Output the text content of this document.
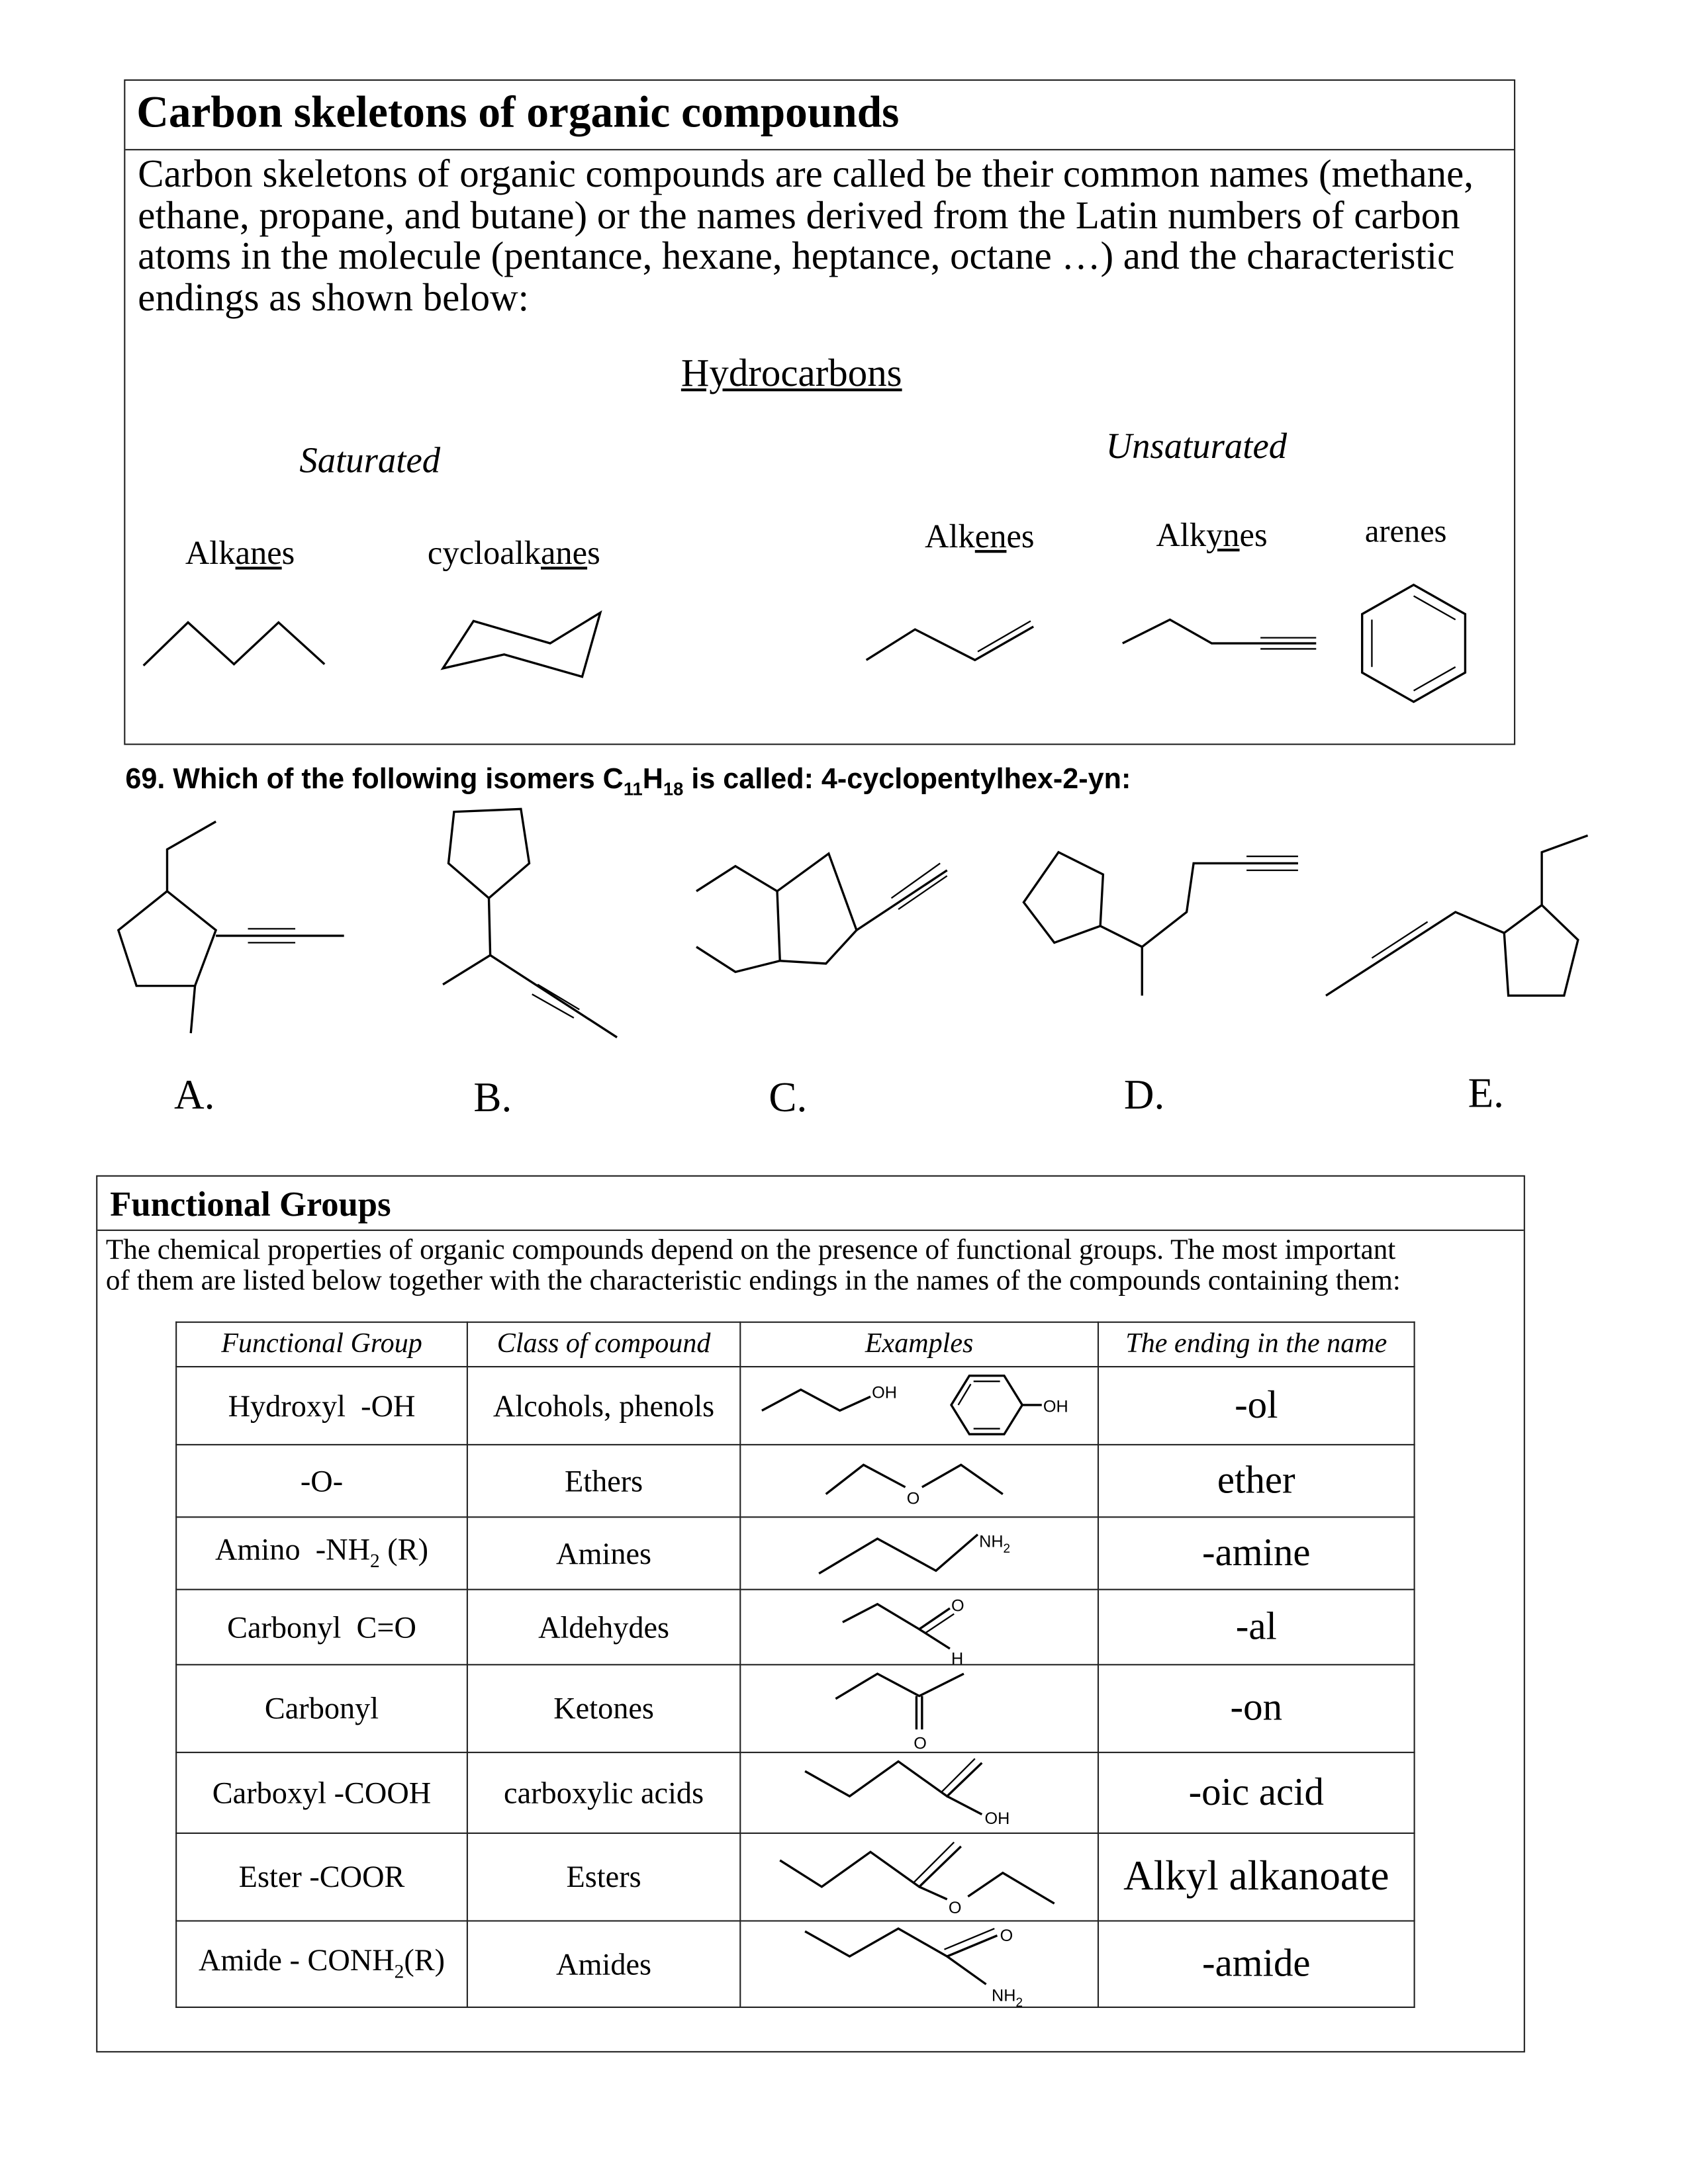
Carbon skeletons of organic compounds
Carbon skeletons of organic compounds are called be their common names (methane,
ethane, propane, and butane) or the names derived from the Latin numbers of carbon
atoms in the molecule (pentance, hexane, heptance, octane …) and the characteristic
endings as shown below:
Hydrocarbons
Saturated	Unsaturated
Alkanes	cycloalkanes	Alkenes	Alkynes	arenes
69. Which of the following isomers $C_{11}H_{18}$ is called: 4-cyclopentylhex-2-yn:
A.	B.	C.	D.	E.
Functional Groups
The chemical properties of organic compounds depend on the presence of functional groups. The most important
of them are listed below together with the characteristic endings in the names of the compounds containing them:
Functional Group	Class of compound	Examples	The ending in the name
Hydroxyl  -OH	Alcohols, phenols		-ol
-O-	Ethers		ether
Amino  $-NH_2$ (R)	Amines		-amine
Carbonyl  C=O	Aldehydes		-al
Carbonyl	Ketones		-on
Carboxyl -COOH	carboxylic acids		-oic acid
Ester -COOR	Esters		Alkyl alkanoate
Amide - $CONH_2(R)$	Amides		-amide
OH
OH
O
$NH_2$
O
H
O
OH
O
O
$NH_2$
